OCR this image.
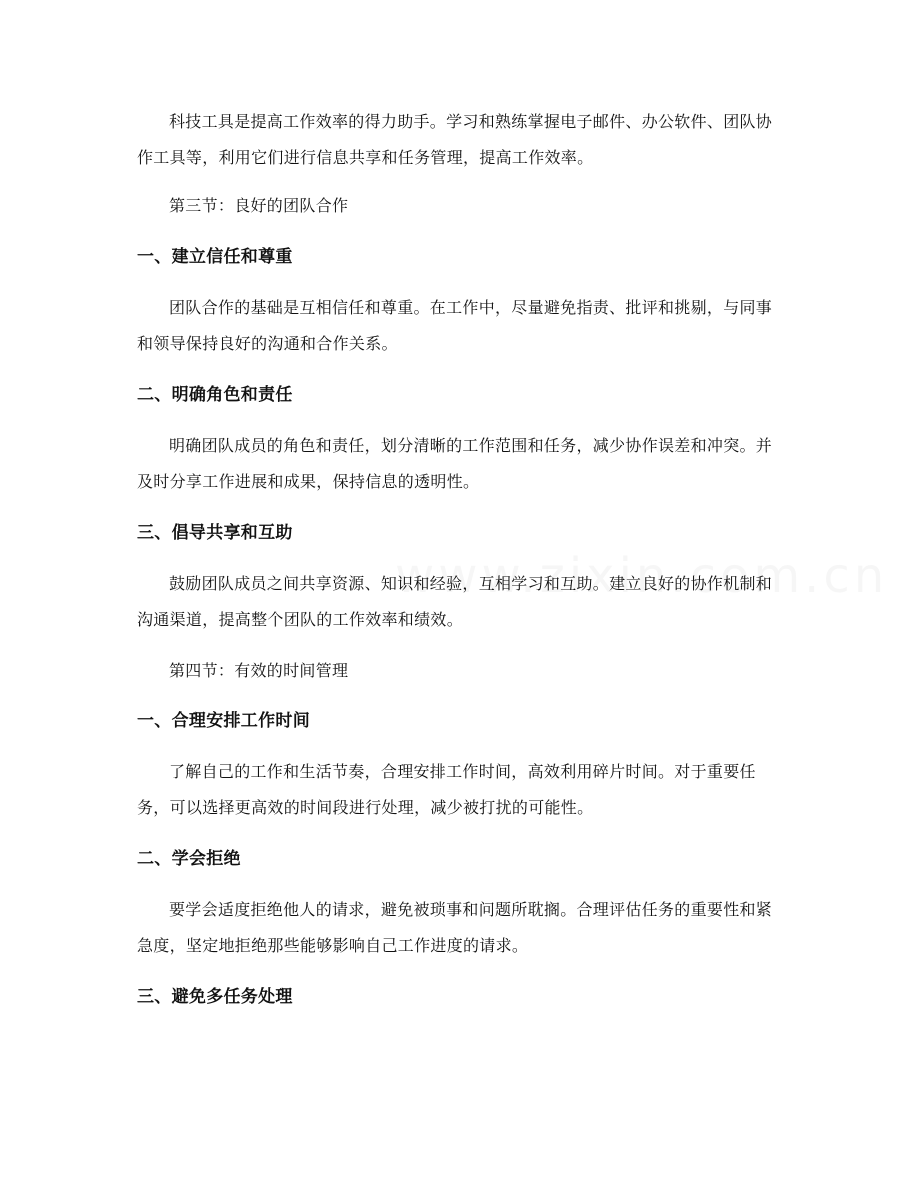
科技工具是提高工作效率的得力助手。学习和熟练掌握电子邮件、办公软件、团队协作工具等，利用它们进行信息共享和任务管理，提高工作效率。

第三节：良好的团队合作

一、建立信任和尊重

团队合作的基础是互相信任和尊重。在工作中，尽量避免指责、批评和挑剔，与同事和领导保持良好的沟通和合作关系。

二、明确角色和责任

明确团队成员的角色和责任，划分清晰的工作范围和任务，减少协作误差和冲突。并及时分享工作进展和成果，保持信息的透明性。

三、倡导共享和互助

鼓励团队成员之间共享资源、知识和经验，互相学习和互助。建立良好的协作机制和沟通渠道，提高整个团队的工作效率和绩效。

第四节：有效的时间管理

一、合理安排工作时间

了解自己的工作和生活节奏，合理安排工作时间，高效利用碎片时间。对于重要任务，可以选择更高效的时间段进行处理，减少被打扰的可能性。

二、学会拒绝

要学会适度拒绝他人的请求，避免被琐事和问题所耽搁。合理评估任务的重要性和紧急度，坚定地拒绝那些能够影响自己工作进度的请求。

三、避免多任务处理
